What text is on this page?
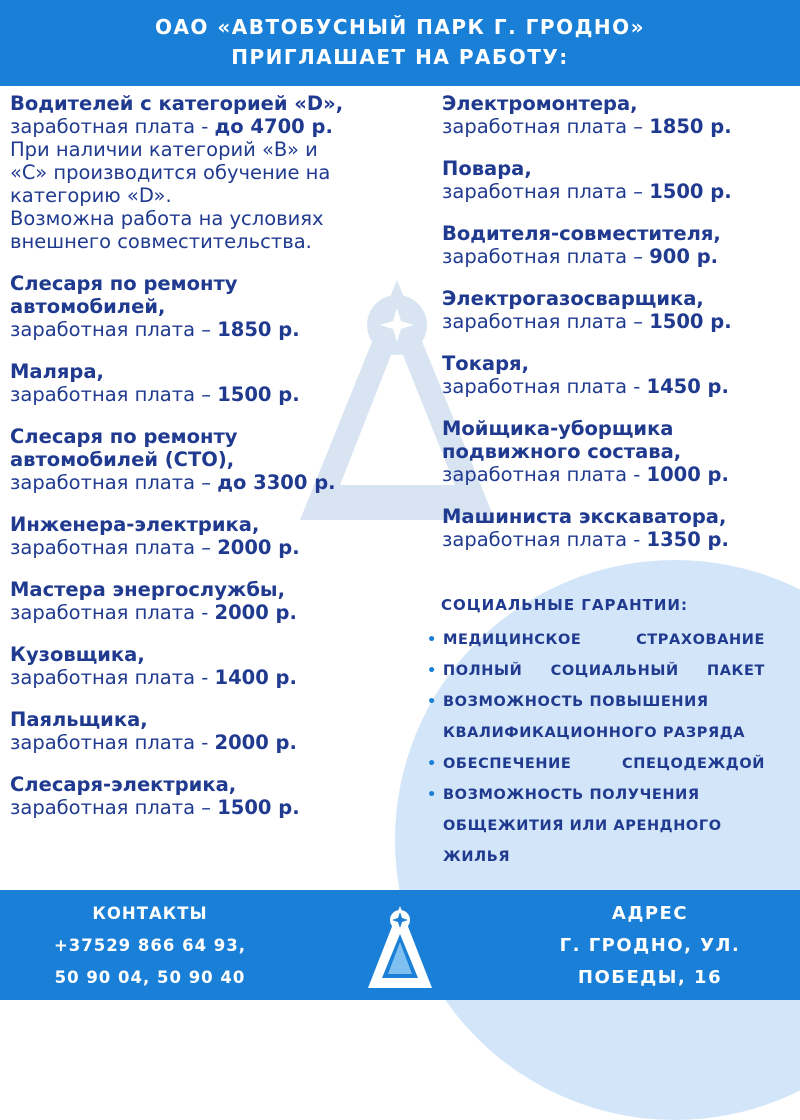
ОАО «АВТОБУСНЫЙ ПАРК Г. ГРОДНО»
ПРИГЛАШАЕТ НА РАБОТУ:
Водителей с категорией «D»,
заработная плата - до 4700 р.
При наличии категорий «B» и
«C» производится обучение на
категорию «D».
Возможна работа на условиях
внешнего совместительства.
Слесаря по ремонту
автомобилей,
заработная плата – 1850 р.
Маляра,
заработная плата – 1500 р.
Слесаря по ремонту
автомобилей (СТО),
заработная плата – до 3300 р.
Инженера-электрика,
заработная плата – 2000 р.
Мастера энергослужбы,
заработная плата - 2000 р.
Кузовщика,
заработная плата - 1400 р.
Паяльщика,
заработная плата - 2000 р.
Слесаря-электрика,
заработная плата – 1500 р.
Электромонтера,
заработная плата – 1850 р.
Повара,
заработная плата – 1500 р.
Водителя-совместителя,
заработная плата – 900 р.
Электрогазосварщика,
заработная плата – 1500 р.
Токаря,
заработная плата - 1450 р.
Мойщика-уборщика
подвижного состава,
заработная плата - 1000 р.
Машиниста экскаватора,
заработная плата - 1350 р.
СОЦИАЛЬНЫЕ ГАРАНТИИ:
• МЕДИЦИНСКОЕ СТРАХОВАНИЕ
• ПОЛНЫЙ СОЦИАЛЬНЫЙ ПАКЕТ
• ВОЗМОЖНОСТЬ ПОВЫШЕНИЯ
КВАЛИФИКАЦИОННОГО РАЗРЯДА
• ОБЕСПЕЧЕНИЕ СПЕЦОДЕЖДОЙ
• ВОЗМОЖНОСТЬ ПОЛУЧЕНИЯ
ОБЩЕЖИТИЯ ИЛИ АРЕНДНОГО
ЖИЛЬЯ
КОНТАКТЫ
+37529 866 64 93,
50 90 04, 50 90 40
АДРЕС
Г. ГРОДНО, УЛ.
ПОБЕДЫ, 16
